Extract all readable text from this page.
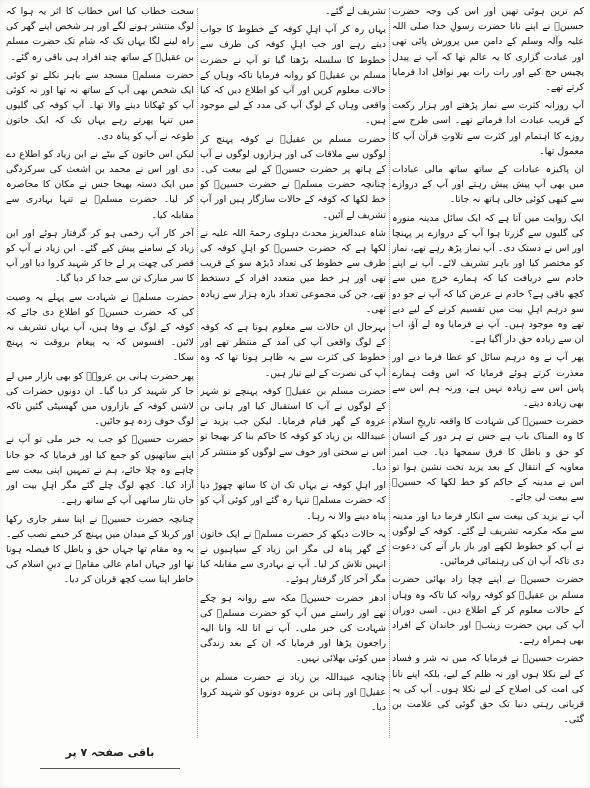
کم ترین ہوئی تھیں اور اس کی وجہ حضرت حسینؑ نے اپنے نانا حضرت رسولِ خدا صلی اللہ علیہ وآلہ وسلم کے دامن میں پرورش پائی تھی اور عبادت گزاری کا یہ عالم تھا کہ آپ نے پیدل پچیس حج کیے اور رات رات بھر نوافل ادا فرمایا کرتے تھے۔

آپ روزانہ کثرت سے نماز پڑھتے اور ہزار رکعت کے قریب عبادت ادا فرماتے تھے۔ اسی طرح سے روزے کا اہتمام اور کثرت سے تلاوتِ قرآن آپ کا معمول تھا۔

ان پاکیزہ عبادات کے ساتھ ساتھ مالی عبادات میں بھی آپ پیش پیش رہتے اور آپ کے دروازے سے کبھی کوئی خالی ہاتھ نہ جاتا۔

ایک روایت میں آتا ہے کہ ایک سائل مدینہ منورہ کی گلیوں سے گزرتا ہوا آپ کے دروازے پر پہنچا اور اس نے دستک دی۔ آپ نماز پڑھ رہے تھے، نماز کو مختصر کیا اور باہر تشریف لائے۔ آپ نے اپنے خادم سے دریافت کیا کہ ہمارے خرچ میں سے کچھ باقی ہے؟ خادم نے عرض کیا کہ آپ نے جو دو سو درہم اہلِ بیت میں تقسیم کرنے کے لیے دیے تھے وہ موجود ہیں۔ آپ نے فرمایا وہ لے آؤ، اب ان سے زیادہ حق دار آگیا ہے۔

پھر آپ نے وہ درہم سائل کو عطا فرما دیے اور معذرت کرتے ہوئے فرمایا کہ اس وقت ہمارے پاس اس سے زیادہ نہیں ہے، ورنہ ہم اس سے بھی زیادہ دیتے۔

حضرت حسینؑ کی شہادت کا واقعہ تاریخِ اسلام کا وہ المناک باب ہے جس نے ہر دور کے انسان کو حق و باطل کا فرق سمجھا دیا۔ جب امیر معاویہ کے انتقال کے بعد یزید تخت نشین ہوا تو اس نے مدینہ کے حاکم کو خط لکھا کہ حسینؑ سے بیعت لی جائے۔

آپ نے یزید کی بیعت سے انکار فرما دیا اور مدینہ سے مکہ مکرمہ تشریف لے گئے۔ کوفہ کے لوگوں نے آپ کو خطوط لکھے اور بار بار آنے کی دعوت دی تاکہ آپ ان کی رہنمائی فرمائیں۔

حضرت حسینؑ نے اپنے چچا زاد بھائی حضرت مسلم بن عقیلؑ کو کوفہ روانہ کیا تاکہ وہ وہاں کے حالات معلوم کر کے اطلاع دیں۔ اسی دوران آپ کی بہن حضرت زینبؑ اور خاندان کے افراد بھی ہمراہ رہے۔

حضرت حسینؑ نے فرمایا کہ میں نہ شر و فساد کے لیے نکلا ہوں اور نہ ظلم کے لیے، بلکہ اپنے نانا کی امت کی اصلاح کے لیے نکلا ہوں۔ آپ کی یہ قربانی رہتی دنیا تک حق گوئی کی علامت بن گئی۔

تشریف لے گئے۔

یہاں رہ کر آپ اہلِ کوفہ کے خطوط کا جواب دیتے رہے اور جب اہلِ کوفہ کی طرف سے خطوط کا سلسلہ بڑھتا گیا تو آپ نے حضرت مسلم بن عقیلؑ کو روانہ فرمایا تاکہ وہاں کے حالات معلوم کریں اور آپ کو اطلاع دیں کہ کیا واقعی وہاں کے لوگ آپ کی مدد کے لیے موجود ہیں۔

حضرت مسلم بن عقیلؑ نے کوفہ پہنچ کر لوگوں سے ملاقات کی اور ہزاروں لوگوں نے آپ کے ہاتھ پر حضرت حسینؑ کے لیے بیعت کی۔ چنانچہ حضرت مسلمؑ نے حضرت حسینؑ کو خط لکھا کہ کوفہ کے حالات سازگار ہیں اور آپ تشریف لے آئیں۔

شاہ عبدالعزیز محدث دہلوی رحمۃ اللہ علیہ نے لکھا ہے کہ حضرت حسینؑ کو اہلِ کوفہ کی طرف سے خطوط کی تعداد ڈیڑھ سو کے قریب تھی اور ہر خط میں متعدد افراد کے دستخط تھے، جن کی مجموعی تعداد بارہ ہزار سے زیادہ تھی۔

بہرحال ان حالات سے معلوم ہوتا ہے کہ کوفہ کے لوگ واقعی آپ کی آمد کے منتظر تھے اور خطوط کی کثرت سے یہ ظاہر ہوتا تھا کہ وہ آپ کی نصرت کے لیے تیار ہیں۔

حضرت مسلم بن عقیلؑ کوفہ پہنچے تو شہر کے لوگوں نے آپ کا استقبال کیا اور ہانی بن عروہ کے گھر قیام فرمایا۔ لیکن جب یزید نے عبیداللہ بن زیاد کو کوفہ کا حاکم بنا کر بھیجا تو اس نے سختی اور خوف سے لوگوں کو منتشر کر دیا۔

اور اہلِ کوفہ نے یہاں تک ان کا ساتھ چھوڑ دیا کہ حضرت مسلمؑ تنہا رہ گئے اور کوئی آپ کو پناہ دینے والا نہ رہا۔

یہ حالات دیکھ کر حضرت مسلمؑ نے ایک خاتون کے گھر پناہ لی مگر ابن زیاد کے سپاہیوں نے انہیں تلاش کر لیا۔ آپ نے بہادری سے مقابلہ کیا مگر آخر کار گرفتار ہوئے۔

ادھر حضرت حسینؑ مکہ سے روانہ ہو چکے تھے اور راستے میں آپ کو حضرت مسلمؑ کی شہادت کی خبر ملی۔ آپ نے انا للہ وانا الیہ راجعون پڑھا اور فرمایا کہ ان کے بعد زندگی میں کوئی بھلائی نہیں۔

چنانچہ عبیداللہ بن زیاد نے حضرت مسلم بن عقیلؑ اور ہانی بن عروہ دونوں کو شہید کروا دیا۔

سخت خطاب کیا اس خطاب کا اثر یہ ہوا کہ لوگ منتشر ہونے لگے اور ہر شخص اپنے گھر کی راہ لینے لگا یہاں تک کہ شام تک حضرت مسلم بن عقیلؑ کے ساتھ چند افراد ہی باقی رہ گئے۔

حضرت مسلمؑ مسجد سے باہر نکلے تو کوئی ایک شخص بھی آپ کے ساتھ نہ تھا اور نہ کوئی آپ کو ٹھکانا دینے والا تھا۔ آپ کوفہ کی گلیوں میں تنہا پھرتے رہے یہاں تک کہ ایک خاتون طوعہ نے آپ کو پناہ دی۔

لیکن اس خاتون کے بیٹے نے ابن زیاد کو اطلاع دے دی اور اس نے محمد بن اشعث کی سرکردگی میں ایک دستہ بھیجا جس نے مکان کا محاصرہ کر لیا۔ حضرت مسلمؑ نے تنہا بہادری سے مقابلہ کیا۔

آخر کار آپ زخمی ہو کر گرفتار ہوئے اور ابن زیاد کے سامنے پیش کیے گئے۔ ابن زیاد نے آپ کو قصر کی چھت پر لے جا کر شہید کروا دیا اور آپ کا سر مبارک تن سے جدا کر دیا گیا۔

حضرت مسلمؑ نے شہادت سے پہلے یہ وصیت کی کہ حضرت حسینؑ کو اطلاع دی جائے کہ کوفہ کے لوگ بے وفا ہیں، آپ یہاں تشریف نہ لائیں۔ افسوس کہ یہ پیغام بروقت نہ پہنچ سکا۔

پھر حضرت ہانی بن عروہؓ کو بھی بازار میں لے جا کر شہید کر دیا گیا۔ ان دونوں حضرات کی لاشیں کوفہ کے بازاروں میں گھسیٹی گئیں تاکہ لوگ خوف زدہ ہو جائیں۔

حضرت حسینؑ کو جب یہ خبر ملی تو آپ نے اپنے ساتھیوں کو جمع کیا اور فرمایا کہ جو جانا چاہے وہ چلا جائے، ہم نے تمہیں اپنی بیعت سے آزاد کیا۔ کچھ لوگ چلے گئے مگر اہلِ بیت اور جاں نثار ساتھی آپ کے ساتھ رہے۔

چنانچہ حضرت حسینؑ نے اپنا سفر جاری رکھا اور کربلا کے میدان میں پہنچ کر خیمے نصب کیے۔ یہ وہ مقام تھا جہاں حق و باطل کا فیصلہ ہونا تھا اور جہاں امام عالی مقامؑ نے دینِ اسلام کی خاطر اپنا سب کچھ قربان کر دیا۔

باقی صفحہ ۷ پر
